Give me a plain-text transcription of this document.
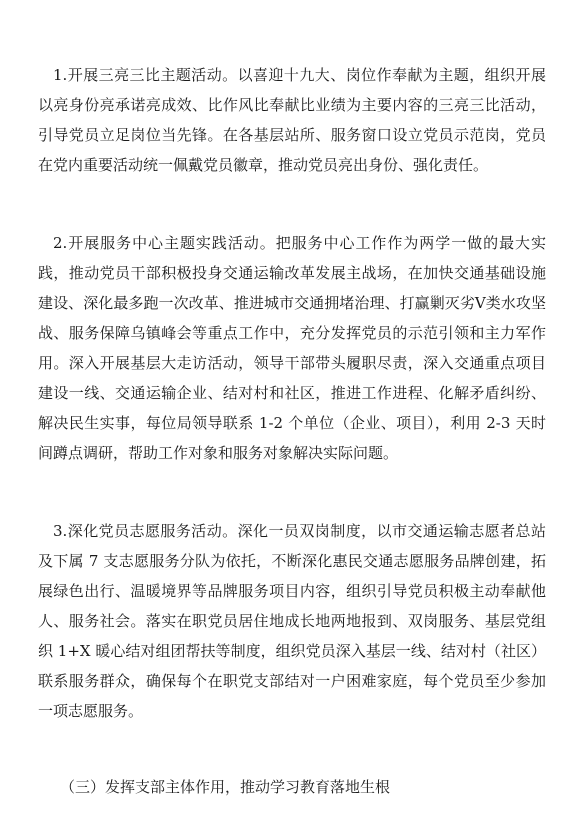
1.开展三亮三比主题活动。以喜迎十九大、岗位作奉献为主题，组织开展以亮身份亮承诺亮成效、比作风比奉献比业绩为主要内容的三亮三比活动，引导党员立足岗位当先锋。在各基层站所、服务窗口设立党员示范岗，党员在党内重要活动统一佩戴党员徽章，推动党员亮出身份、强化责任。

2.开展服务中心主题实践活动。把服务中心工作作为两学一做的最大实践，推动党员干部积极投身交通运输改革发展主战场，在加快交通基础设施建设、深化最多跑一次改革、推进城市交通拥堵治理、打赢剿灭劣Ⅴ类水攻坚战、服务保障乌镇峰会等重点工作中，充分发挥党员的示范引领和主力军作用。深入开展基层大走访活动，领导干部带头履职尽责，深入交通重点项目建设一线、交通运输企业、结对村和社区，推进工作进程、化解矛盾纠纷、解决民生实事，每位局领导联系 1-2 个单位（企业、项目），利用 2-3 天时间蹲点调研，帮助工作对象和服务对象解决实际问题。

3.深化党员志愿服务活动。深化一员双岗制度，以市交通运输志愿者总站及下属 7 支志愿服务分队为依托，不断深化惠民交通志愿服务品牌创建，拓展绿色出行、温暖境界等品牌服务项目内容，组织引导党员积极主动奉献他人、服务社会。落实在职党员居住地成长地两地报到、双岗服务、基层党组织 1+X 暖心结对组团帮扶等制度，组织党员深入基层一线、结对村（社区）联系服务群众，确保每个在职党支部结对一户困难家庭，每个党员至少参加一项志愿服务。

（三）发挥支部主体作用，推动学习教育落地生根
